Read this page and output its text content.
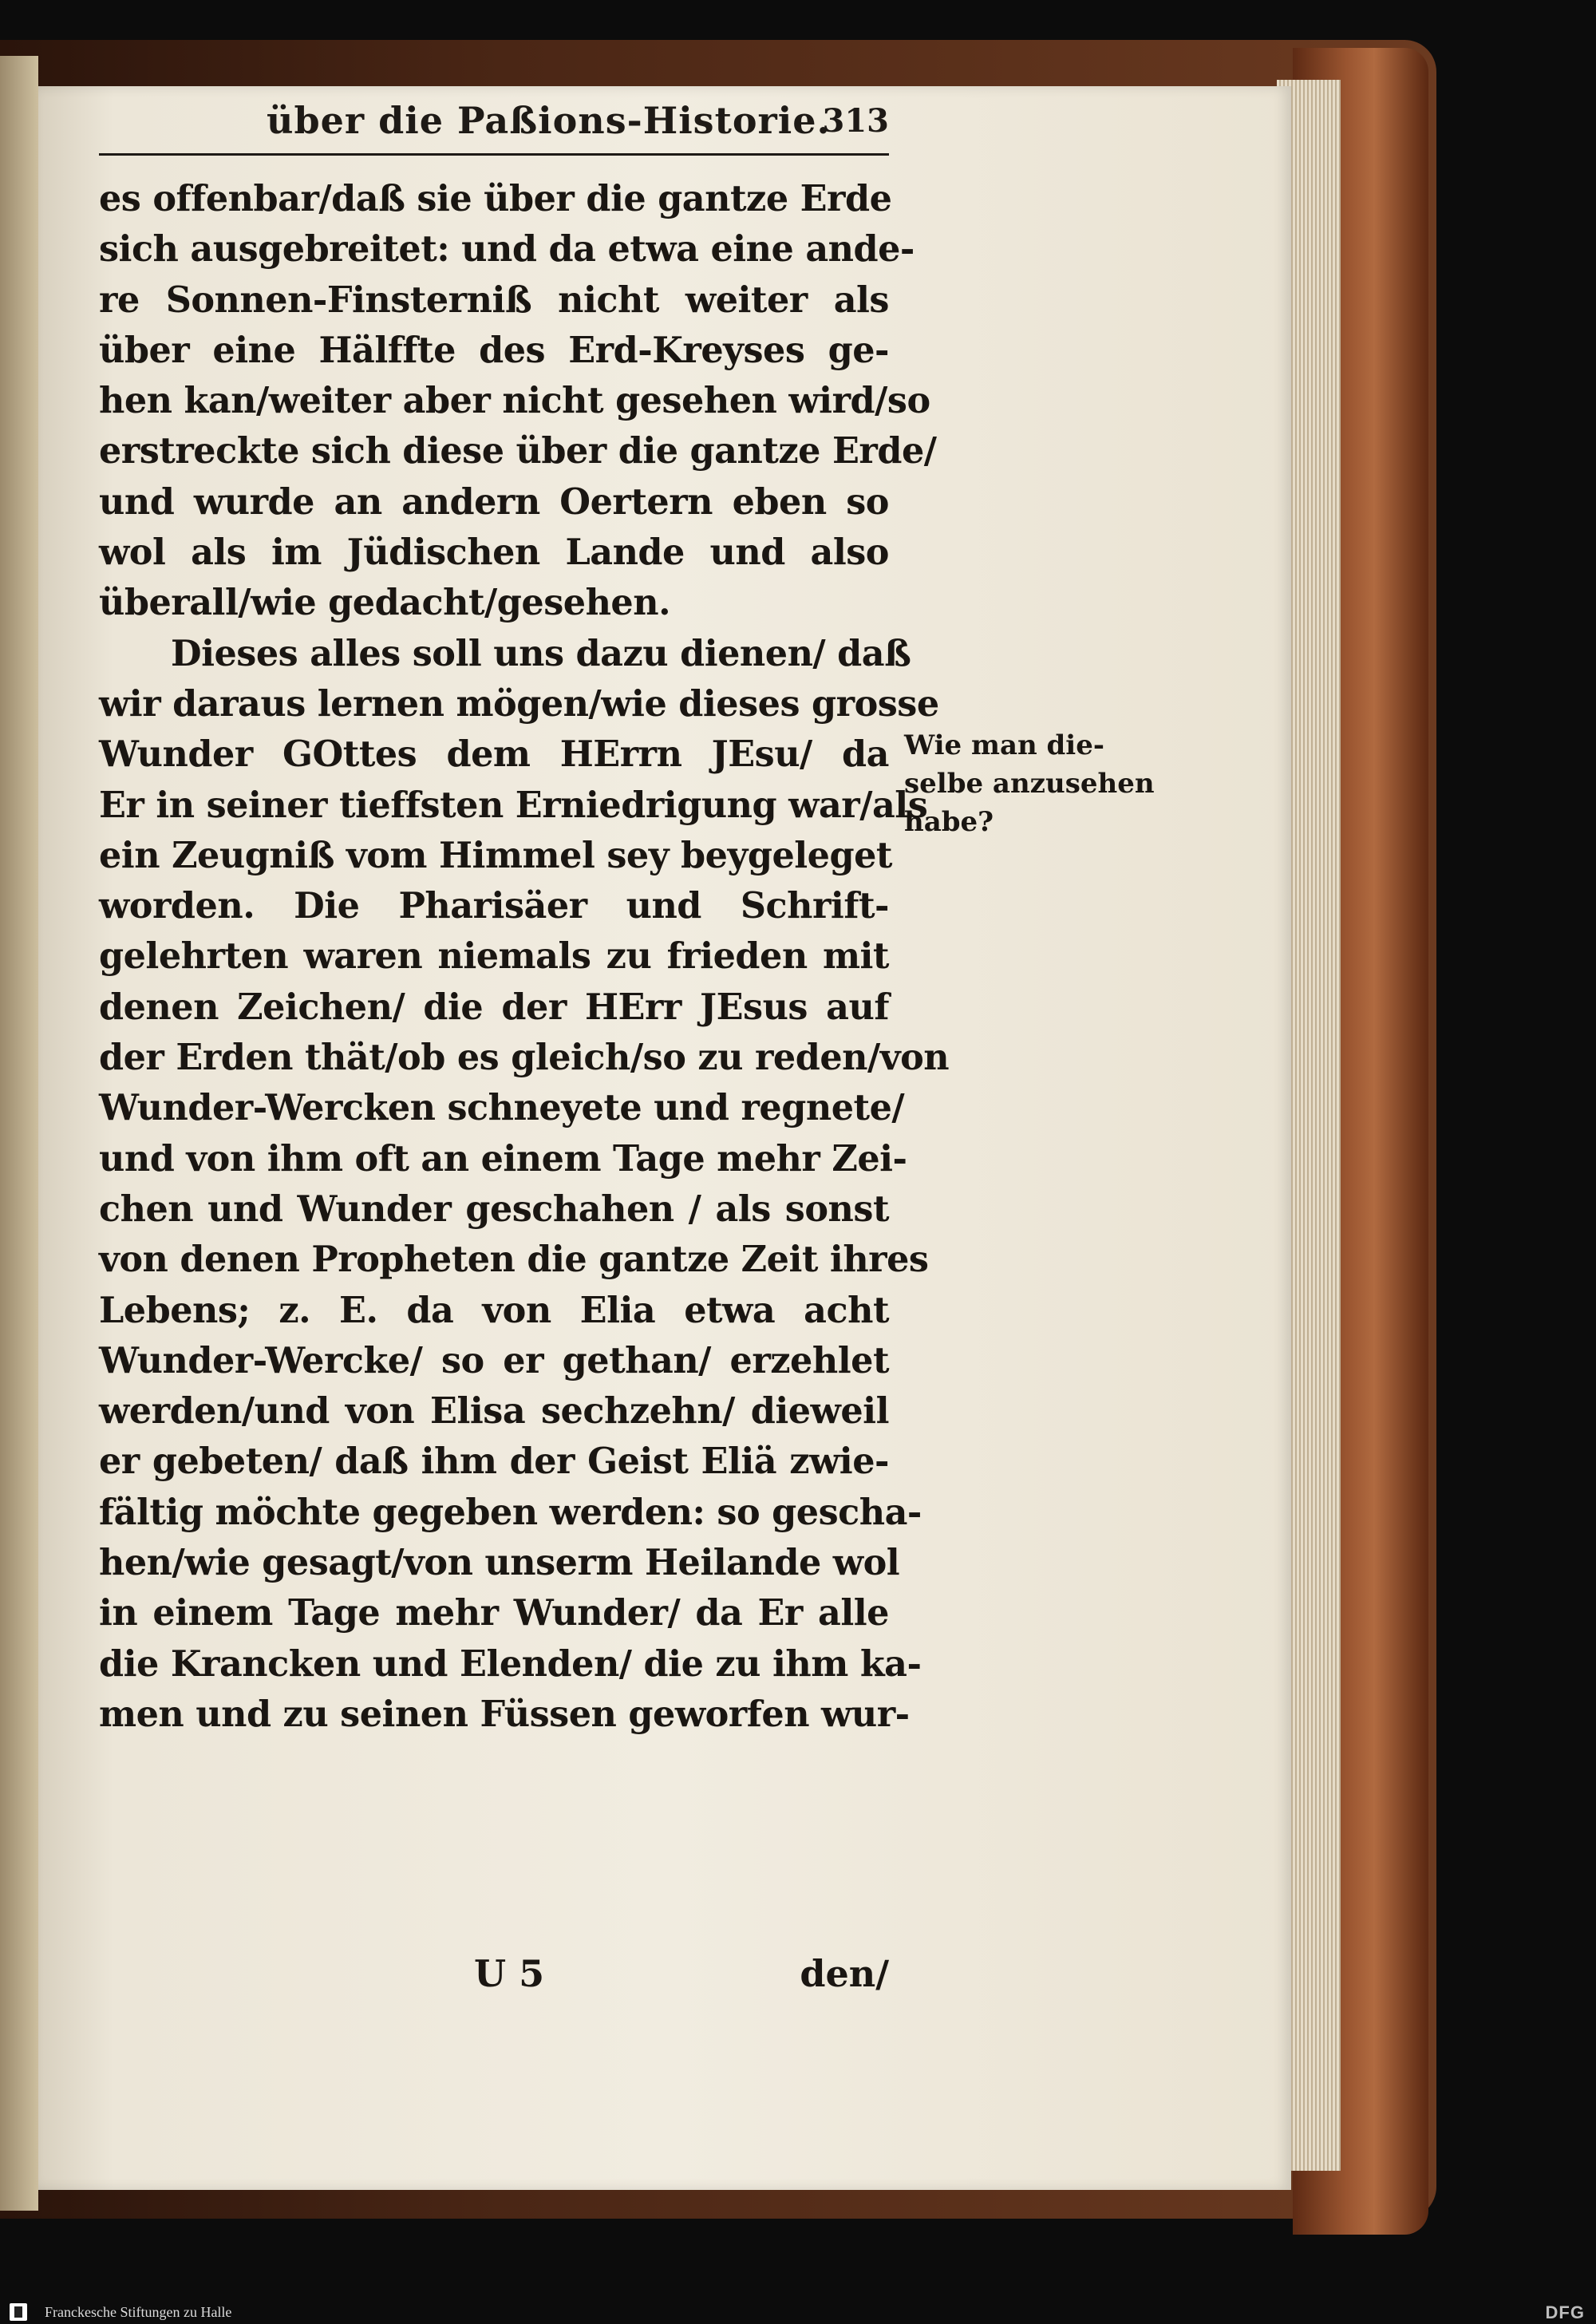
über die Paßions-Historie.
313
es offenbar/daß sie über die gantze Erde
sich ausgebreitet: und da etwa eine ande-
re Sonnen-Finsterniß nicht weiter als
über eine Hälffte des Erd-Kreyses ge-
hen kan/weiter aber nicht gesehen wird/so
erstreckte sich diese über die gantze Erde/
und wurde an andern Oertern eben so
wol als im Jüdischen Lande und also
überall/wie gedacht/gesehen.
Dieses alles soll uns dazu dienen/ daß
wir daraus lernen mögen/wie dieses grosse
Wunder GOttes dem HErrn JEsu/ da
Er in seiner tieffsten Erniedrigung war/als
ein Zeugniß vom Himmel sey beygeleget
worden. Die Pharisäer und Schrift-
gelehrten waren niemals zu frieden mit
denen Zeichen/ die der HErr JEsus auf
der Erden thät/ob es gleich/so zu reden/von
Wunder-Wercken schneyete und regnete/
und von ihm oft an einem Tage mehr Zei-
chen und Wunder geschahen / als sonst
von denen Propheten die gantze Zeit ihres
Lebens; z. E. da von Elia etwa acht
Wunder-Wercke/ so er gethan/ erzehlet
werden/und von Elisa sechzehn/ dieweil
er gebeten/ daß ihm der Geist Eliä zwie-
fältig möchte gegeben werden: so gescha-
hen/wie gesagt/von unserm Heilande wol
in einem Tage mehr Wunder/ da Er alle
die Krancken und Elenden/ die zu ihm ka-
men und zu seinen Füssen geworfen wur-
Wie man die-
selbe anzusehen
habe?
U 5	den/
Franckesche Stiftungen zu Halle	DFG
